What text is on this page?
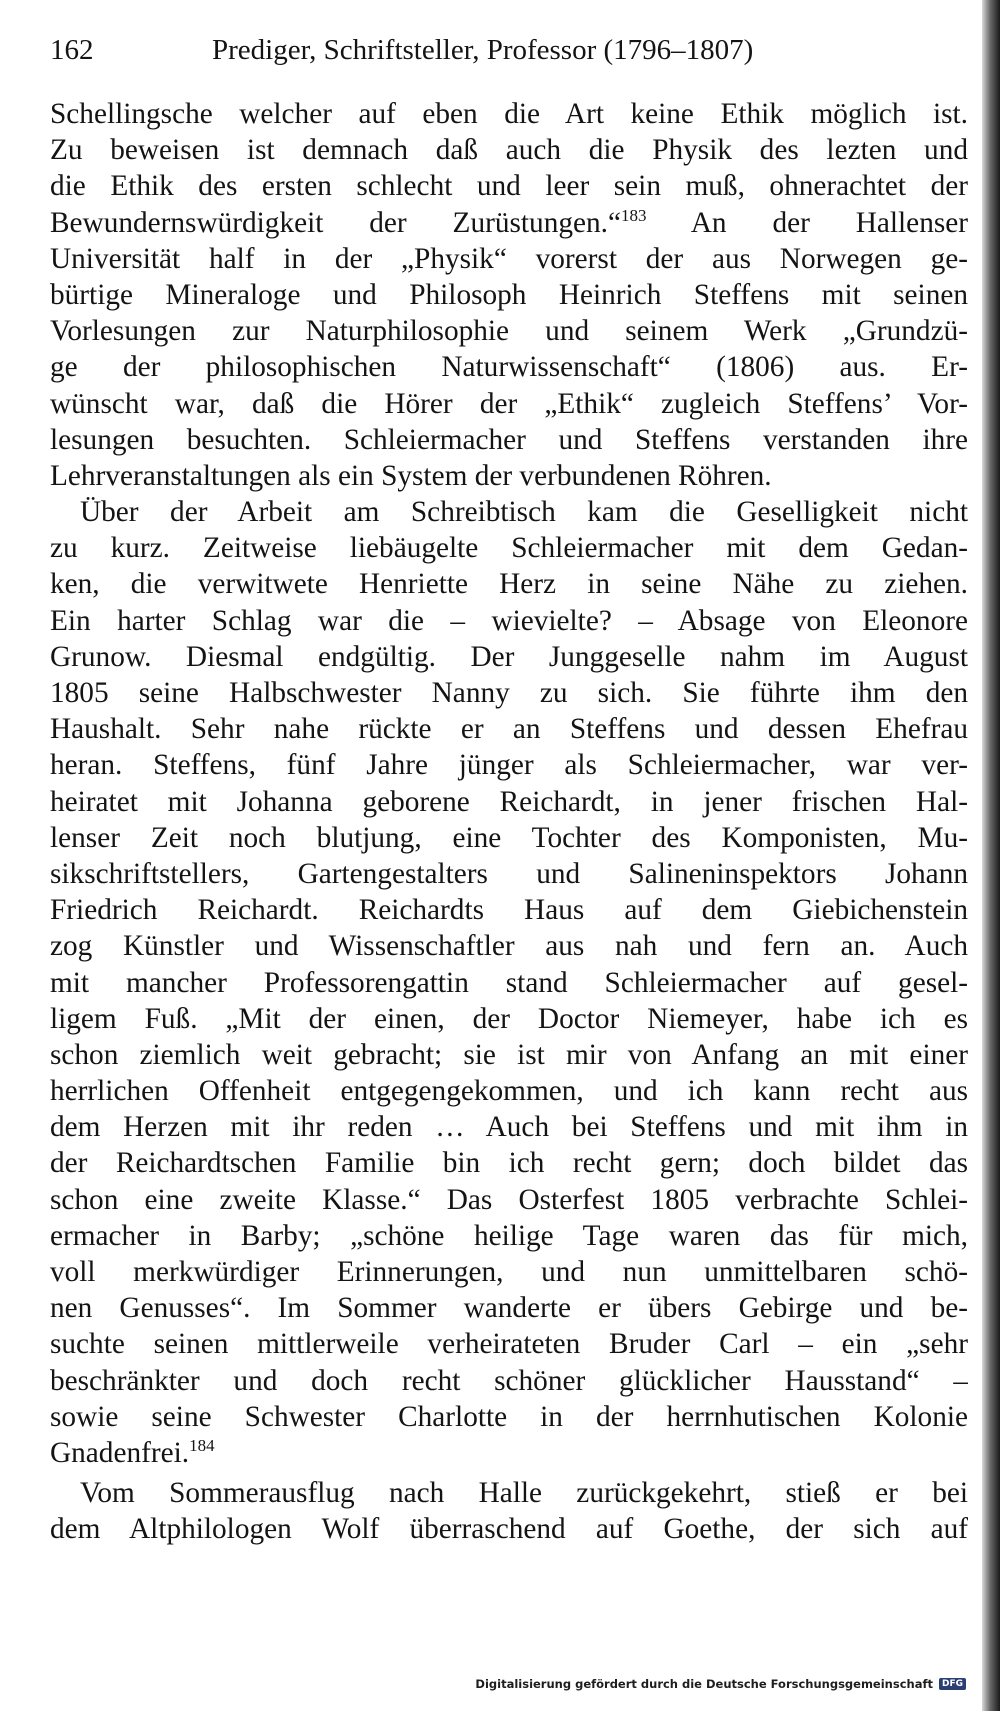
162	Prediger, Schriftsteller, Professor (1796–1807)
Schellingsche welcher auf eben die Art keine Ethik möglich ist.
Zu beweisen ist demnach daß auch die Physik des lezten und
die Ethik des ersten schlecht und leer sein muß, ohnerachtet der
Bewundernswürdigkeit der Zurüstungen.“$^{183}$ An der Hallenser
Universität half in der „Physik“ vorerst der aus Norwegen ge-
bürtige Mineraloge und Philosoph Heinrich Steffens mit seinen
Vorlesungen zur Naturphilosophie und seinem Werk „Grundzü-
ge der philosophischen Naturwissenschaft“ (1806) aus. Er-
wünscht war, daß die Hörer der „Ethik“ zugleich Steffens’ Vor-
lesungen besuchten. Schleiermacher und Steffens verstanden ihre
Lehrveranstaltungen als ein System der verbundenen Röhren.
Über der Arbeit am Schreibtisch kam die Geselligkeit nicht
zu kurz. Zeitweise liebäugelte Schleiermacher mit dem Gedan-
ken, die verwitwete Henriette Herz in seine Nähe zu ziehen.
Ein harter Schlag war die – wievielte? – Absage von Eleonore
Grunow. Diesmal endgültig. Der Junggeselle nahm im August
1805 seine Halbschwester Nanny zu sich. Sie führte ihm den
Haushalt. Sehr nahe rückte er an Steffens und dessen Ehefrau
heran. Steffens, fünf Jahre jünger als Schleiermacher, war ver-
heiratet mit Johanna geborene Reichardt, in jener frischen Hal-
lenser Zeit noch blutjung, eine Tochter des Komponisten, Mu-
sikschriftstellers, Gartengestalters und Salineninspektors Johann
Friedrich Reichardt. Reichardts Haus auf dem Giebichenstein
zog Künstler und Wissenschaftler aus nah und fern an. Auch
mit mancher Professorengattin stand Schleiermacher auf gesel-
ligem Fuß. „Mit der einen, der Doctor Niemeyer, habe ich es
schon ziemlich weit gebracht; sie ist mir von Anfang an mit einer
herrlichen Offenheit entgegengekommen, und ich kann recht aus
dem Herzen mit ihr reden … Auch bei Steffens und mit ihm in
der Reichardtschen Familie bin ich recht gern; doch bildet das
schon eine zweite Klasse.“ Das Osterfest 1805 verbrachte Schlei-
ermacher in Barby; „schöne heilige Tage waren das für mich,
voll merkwürdiger Erinnerungen, und nun unmittelbaren schö-
nen Genusses“. Im Sommer wanderte er übers Gebirge und be-
suchte seinen mittlerweile verheirateten Bruder Carl – ein „sehr
beschränkter und doch recht schöner glücklicher Hausstand“ –
sowie seine Schwester Charlotte in der herrnhutischen Kolonie
Gnadenfrei.$^{184}$
Vom Sommerausflug nach Halle zurückgekehrt, stieß er bei
dem Altphilologen Wolf überraschend auf Goethe, der sich auf
Digitalisierung gefördert durch die Deutsche Forschungsgemeinschaft	DFG
